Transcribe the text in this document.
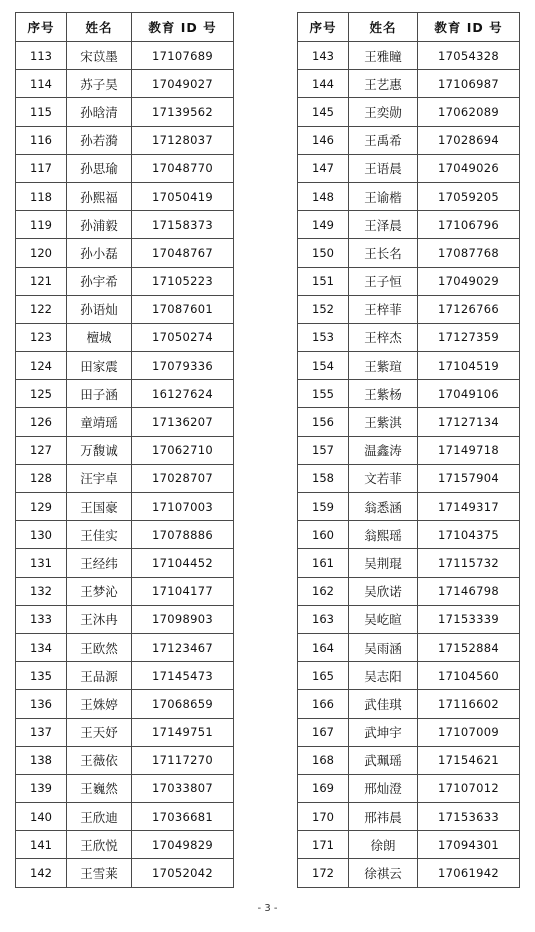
序号	姓名	教育 ID 号
113	宋苡墨	17107689
114	苏子昊	17049027
115	孙晗清	17139562
116	孙若漪	17128037
117	孙思瑜	17048770
118	孙熙福	17050419
119	孙浦毅	17158373
120	孙小磊	17048767
121	孙宇希	17105223
122	孙语灿	17087601
123	檀城	17050274
124	田家震	17079336
125	田子涵	16127624
126	童靖瑶	17136207
127	万馥诚	17062710
128	汪宇卓	17028707
129	王国豪	17107003
130	王佳实	17078886
131	王经纬	17104452
132	王梦沁	17104177
133	王沐冉	17098903
134	王欧然	17123467
135	王品源	17145473
136	王姝婷	17068659
137	王天妤	17149751
138	王薇依	17117270
139	王巍然	17033807
140	王欣迪	17036681
141	王欣悦	17049829
142	王雪莱	17052042
序号	姓名	教育 ID 号
143	王雅瞳	17054328
144	王艺惠	17106987
145	王奕勋	17062089
146	王禹希	17028694
147	王语晨	17049026
148	王谕楷	17059205
149	王泽晨	17106796
150	王长名	17087768
151	王子恒	17049029
152	王梓菲	17126766
153	王梓杰	17127359
154	王紫瑄	17104519
155	王紫杨	17049106
156	王紫淇	17127134
157	温鑫涛	17149718
158	文若菲	17157904
159	翁悉涵	17149317
160	翁熙瑶	17104375
161	吴荆琨	17115732
162	吴欣诺	17146798
163	吴屹暄	17153339
164	吴雨涵	17152884
165	吴志阳	17104560
166	武佳琪	17116602
167	武坤宇	17107009
168	武珮瑶	17154621
169	邢灿澄	17107012
170	邢祎晨	17153633
171	徐朗	17094301
172	徐祺云	17061942
- 3 -
